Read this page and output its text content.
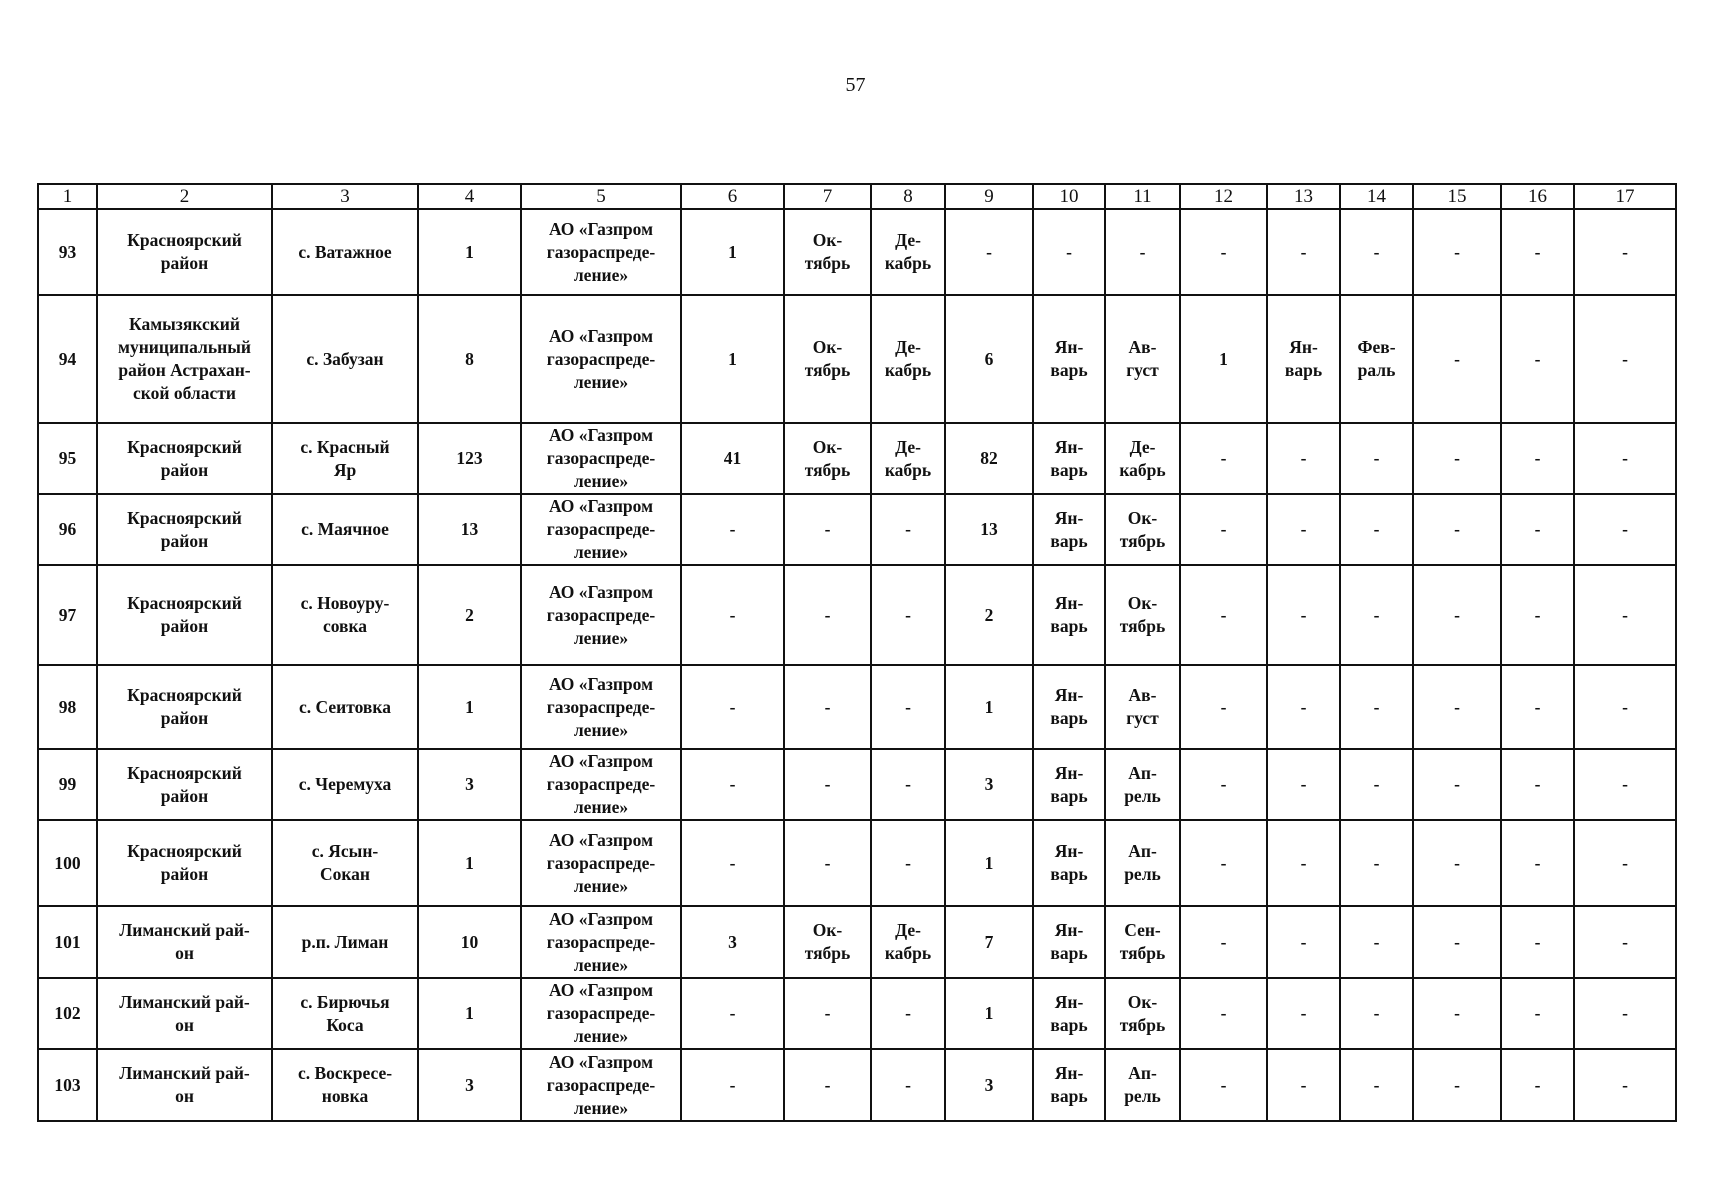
57
1	2	3	4	5	6	7	8	9	10	11	12	13	14	15	16	17
93	Красноярский
район	с. Ватажное	1	АО «Газпром
газораспреде-
ление»	1	Ок-
тябрь	Де-
кабрь	-	-	-	-	-	-	-	-	-
94	Камызякский
муниципальный
район Астрахан-
ской области	с. Забузан	8	АО «Газпром
газораспреде-
ление»	1	Ок-
тябрь	Де-
кабрь	6	Ян-
варь	Ав-
густ	1	Ян-
варь	Фев-
раль	-	-	-
95	Красноярский
район	с. Красный
Яр	123	АО «Газпром
газораспреде-
ление»	41	Ок-
тябрь	Де-
кабрь	82	Ян-
варь	Де-
кабрь	-	-	-	-	-	-
96	Красноярский
район	с. Маячное	13	АО «Газпром
газораспреде-
ление»	-	-	-	13	Ян-
варь	Ок-
тябрь	-	-	-	-	-	-
97	Красноярский
район	с. Новоуру-
совка	2	АО «Газпром
газораспреде-
ление»	-	-	-	2	Ян-
варь	Ок-
тябрь	-	-	-	-	-	-
98	Красноярский
район	с. Сеитовка	1	АО «Газпром
газораспреде-
ление»	-	-	-	1	Ян-
варь	Ав-
густ	-	-	-	-	-	-
99	Красноярский
район	с. Черемуха	3	АО «Газпром
газораспреде-
ление»	-	-	-	3	Ян-
варь	Ап-
рель	-	-	-	-	-	-
100	Красноярский
район	с. Ясын-
Сокан	1	АО «Газпром
газораспреде-
ление»	-	-	-	1	Ян-
варь	Ап-
рель	-	-	-	-	-	-
101	Лиманский рай-
он	р.п. Лиман	10	АО «Газпром
газораспреде-
ление»	3	Ок-
тябрь	Де-
кабрь	7	Ян-
варь	Сен-
тябрь	-	-	-	-	-	-
102	Лиманский рай-
он	с. Бирючья
Коса	1	АО «Газпром
газораспреде-
ление»	-	-	-	1	Ян-
варь	Ок-
тябрь	-	-	-	-	-	-
103	Лиманский рай-
он	с. Воскресе-
новка	3	АО «Газпром
газораспреде-
ление»	-	-	-	3	Ян-
варь	Ап-
рель	-	-	-	-	-	-
